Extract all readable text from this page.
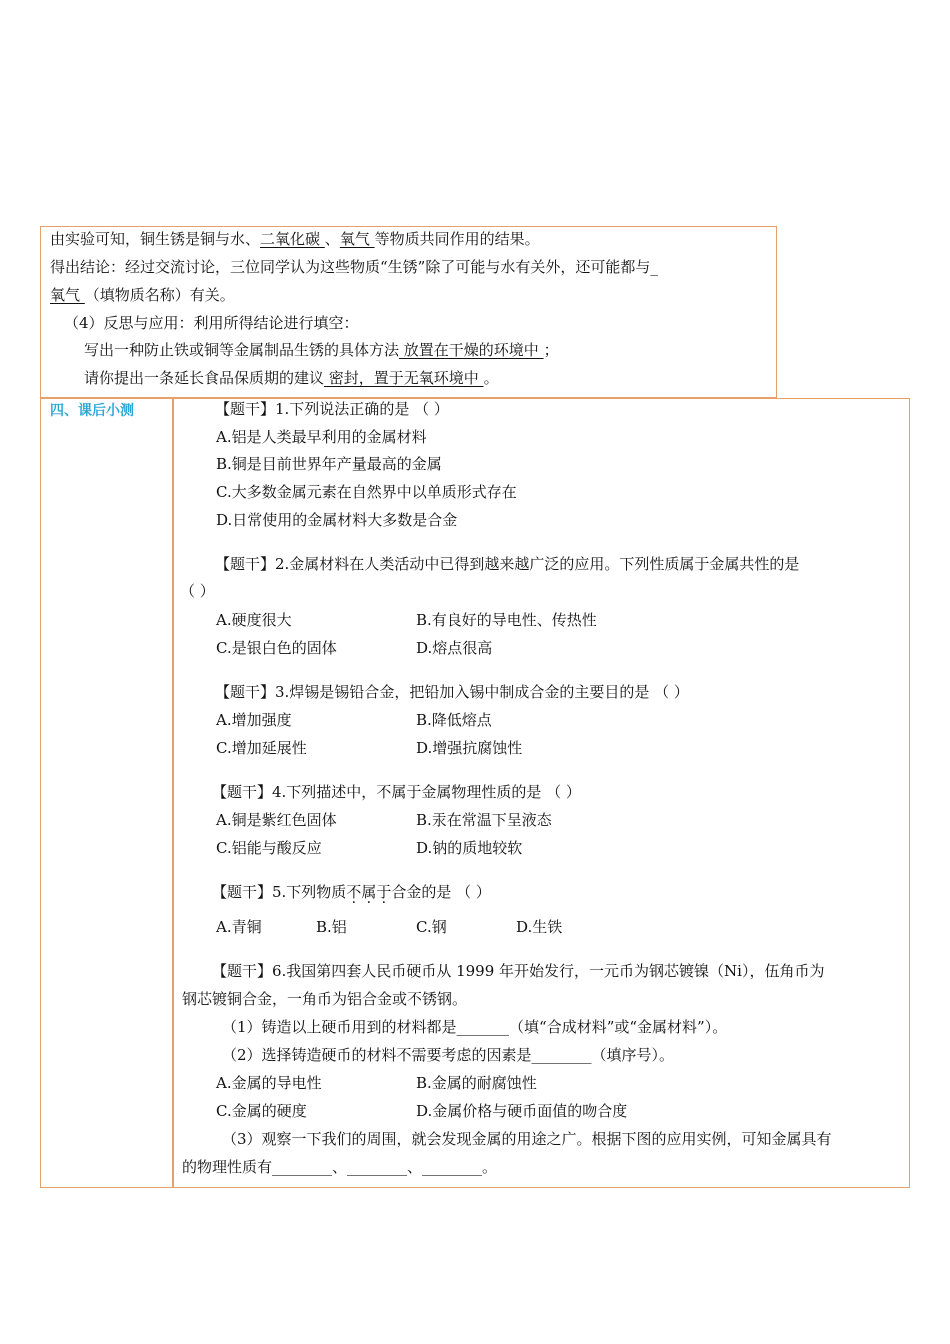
由实验可知，铜生锈是铜与水、二氧化碳 、氧气 等物质共同作用的结果。
得出结论：经过交流讨论，三位同学认为这些物质“生锈”除了可能与水有关外，还可能都与_
氧气 （填物质名称）有关。
（4）反思与应用：利用所得结论进行填空：
写出一种防止铁或铜等金属制品生锈的具体方法 放置在干燥的环境中 ；
请你提出一条延长食品保质期的建议 密封，置于无氧环境中 。
四、课后小测	【题干】1.下列说法正确的是 （ ）
A.铝是人类最早利用的金属材料
B.铜是目前世界年产量最高的金属
C.大多数金属元素在自然界中以单质形式存在
D.日常使用的金属材料大多数是合金
【题干】2.金属材料在人类活动中已得到越来越广泛的应用。下列性质属于金属共性的是
（ ）
A.硬度很大	B.有良好的导电性、传热性
C.是银白色的固体	D.熔点很高
【题干】3.焊锡是锡铅合金，把铅加入锡中制成合金的主要目的是 （ ）
A.增加强度	B.降低熔点
C.增加延展性	D.增强抗腐蚀性
【题干】4.下列描述中，不属于金属物理性质的是 （ ）
A.铜是紫红色固体	B.汞在常温下呈液态
C.铝能与酸反应	D.钠的质地较软
【题干】5.下列物质不属于合金的是 （ ）
A.青铜	B.铝	C.钢	D.生铁
【题干】6.我国第四套人民币硬币从 1999 年开始发行，一元币为钢芯镀镍（Ni），伍角币为
钢芯镀铜合金，一角币为铝合金或不锈钢。
（1）铸造以上硬币用到的材料都是_______（填“合成材料”或“金属材料”）。
（2）选择铸造硬币的材料不需要考虑的因素是________（填序号）。
A.金属的导电性	B.金属的耐腐蚀性
C.金属的硬度	D.金属价格与硬币面值的吻合度
（3）观察一下我们的周围，就会发现金属的用途之广。根据下图的应用实例，可知金属具有
的物理性质有________、________、________。
